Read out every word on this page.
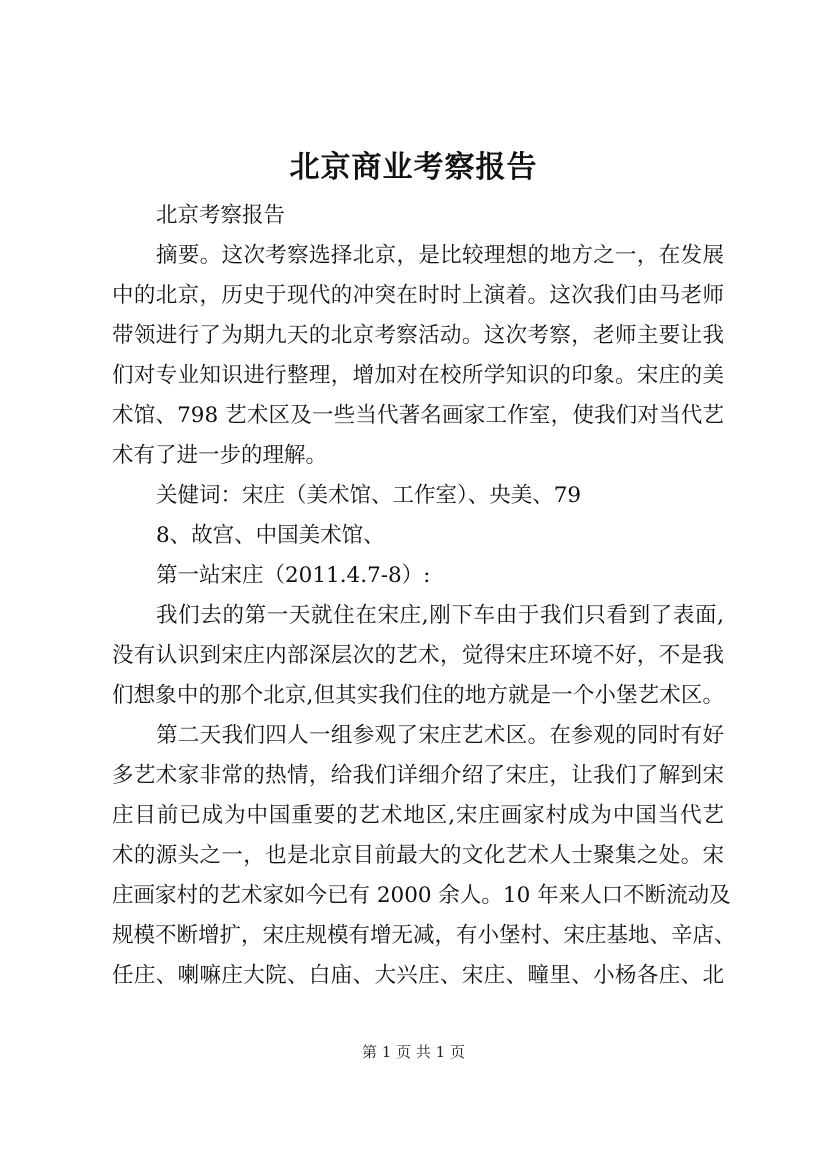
北京商业考察报告
北京考察报告
摘要。这次考察选择北京，是比较理想的地方之一，在发展
中的北京，历史于现代的冲突在时时上演着。这次我们由马老师
带领进行了为期九天的北京考察活动。这次考察，老师主要让我
们对专业知识进行整理，增加对在校所学知识的印象。宋庄的美
术馆、798 艺术区及一些当代著名画家工作室，使我们对当代艺
术有了进一步的理解。
关健词：宋庄（美术馆、工作室）、央美、79
8、故宫、中国美术馆、
第一站宋庄（2011.4.7-8）:
我们去的第一天就住在宋庄,刚下车由于我们只看到了表面,
没有认识到宋庄内部深层次的艺术，觉得宋庄环境不好，不是我
们想象中的那个北京,但其实我们住的地方就是一个小堡艺术区。
第二天我们四人一组参观了宋庄艺术区。在参观的同时有好
多艺术家非常的热情，给我们详细介绍了宋庄，让我们了解到宋
庄目前已成为中国重要的艺术地区,宋庄画家村成为中国当代艺
术的源头之一，也是北京目前最大的文化艺术人士聚集之处。宋
庄画家村的艺术家如今已有 2000 余人。10 年来人口不断流动及
规模不断增扩，宋庄规模有增无减，有小堡村、宋庄基地、辛店、
任庄、喇嘛庄大院、白庙、大兴庄、宋庄、疃里、小杨各庄、北
第 1 页 共 1 页
